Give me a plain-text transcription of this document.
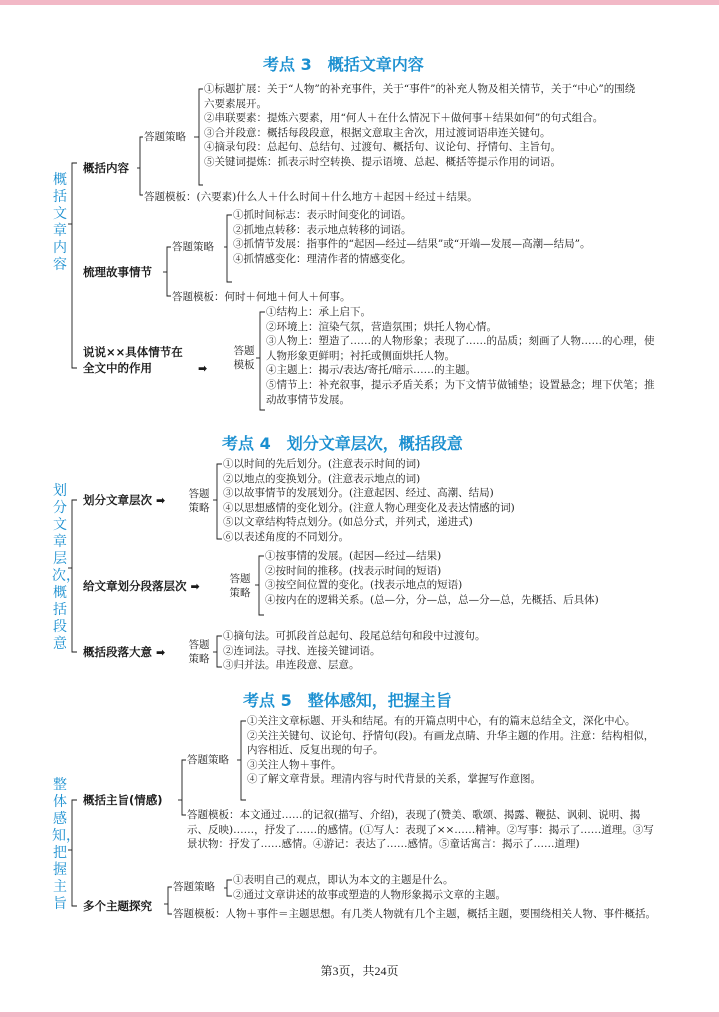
考点 3　概括文章内容
概括文章内容
概括内容
答题策略
①标题扩展：关于“人物”的补充事件，关于“事件”的补充人物及相关情节，关于“中心”的围绕六要素展开。
②串联要素：提炼六要素，用“何人＋在什么情况下＋做何事＋结果如何”的句式组合。
③合并段意：概括每段段意，根据文意取主舍次，用过渡词语串连关键句。
④摘录句段：总起句、总结句、过渡句、概括句、议论句、抒情句、主旨句。
⑤关键词提炼：抓表示时空转换、提示语境、总起、概括等提示作用的词语。
答题模板：(六要素)什么人＋什么时间＋什么地方＋起因＋经过＋结果。
梳理故事情节
答题策略
①抓时间标志：表示时间变化的词语。
②抓地点转移：表示地点转移的词语。
③抓情节发展：指事件的“起因—经过—结果”或“开端—发展—高潮—结局”。
④抓情感变化：理清作者的情感变化。
答题模板：何时＋何地＋何人＋何事。
说说××具体情节在
全文中的作用	➡
答题
模板
①结构上：承上启下。
②环境上：渲染气氛，营造氛围；烘托人物心情。
③人物上：塑造了……的人物形象；表现了……的品质；刻画了人物……的心理，使人物形象更鲜明；衬托或侧面烘托人物。
④主题上：揭示/表达/寄托/暗示……的主题。
⑤情节上：补充叙事，提示矛盾关系；为下文情节做铺垫；设置悬念；埋下伏笔；推动故事情节发展。
考点 4　划分文章层次，概括段意
划分文章层次，概括段意
划分文章层次 ➡ 答题
策略
①以时间的先后划分。(注意表示时间的词)
②以地点的变换划分。(注意表示地点的词)
③以故事情节的发展划分。(注意起因、经过、高潮、结局)
④以思想感情的变化划分。(注意人物心理变化及表达情感的词)
⑤以文章结构特点划分。(如总分式，并列式，递进式)
⑥以表述角度的不同划分。
给文章划分段落层次 ➡
答题
策略
①按事情的发展。(起因—经过—结果)
②按时间的推移。(找表示时间的短语)
③按空间位置的变化。(找表示地点的短语)
④按内在的逻辑关系。(总—分，分—总，总—分—总，先概括、后具体)
概括段落大意 ➡
答题
策略
①摘句法。可抓段首总起句、段尾总结句和段中过渡句。
②连词法。寻找、连接关键词语。
③归并法。串连段意、层意。
考点 5　整体感知，把握主旨
整体感知，把握主旨
概括主旨(情感)
答题策略
①关注文章标题、开头和结尾。有的开篇点明中心，有的篇末总结全文，深化中心。
②关注关键句、议论句、抒情句(段)。有画龙点睛、升华主题的作用。注意：结构相似，内容相近、反复出现的句子。
③关注人物＋事件。
④了解文章背景。理清内容与时代背景的关系，掌握写作意图。
答题模板：本文通过……的记叙(描写、介绍)，表现了(赞美、歌颂、揭露、鞭挞、讽刺、说明、揭示、反映)……，抒发了……的感情。(①写人：表现了××……精神。②写事：揭示了……道理。③写景状物：抒发了……感情。④游记：表达了……感情。⑤童话寓言：揭示了……道理)
多个主题探究
答题策略
①表明自己的观点，即认为本文的主题是什么。
②通过文章讲述的故事或塑造的人物形象揭示文章的主题。
答题模板：人物＋事件＝主题思想。有几类人物就有几个主题，概括主题，要围绕相关人物、事件概括。
第3页，共24页
